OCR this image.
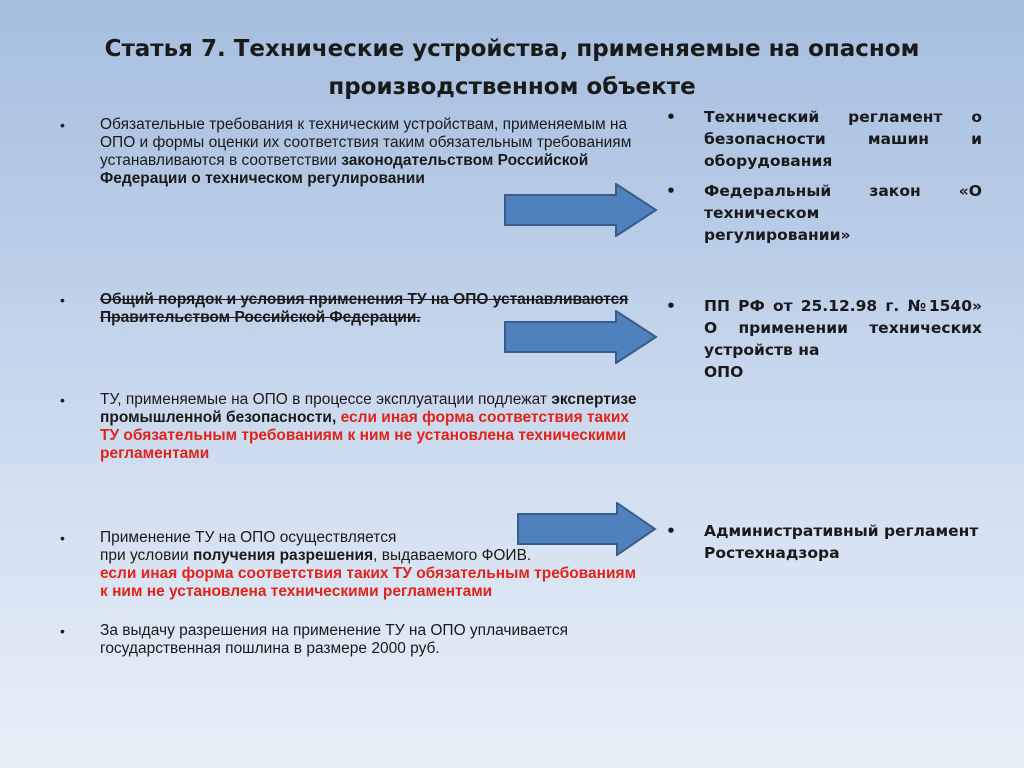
Статья 7. Технические устройства, применяемые на опасном производственном объекте
•	Обязательные требования к техническим устройствам, применяемым на ОПО и формы оценки их соответствия таким обязательным требованиям устанавливаются в соответствии законодательством Российской Федерации о техническом регулировании
•	Общий порядок и условия применения ТУ на ОПО устанавливаются Правительством Российской Федерации.
•	ТУ, применяемые на ОПО в процессе эксплуатации подлежат экспертизе промышленной безопасности, если иная форма соответствия таких ТУ обязательным требованиям к ним не установлена техническими регламентами
•	Применение ТУ на ОПО осуществляется
при условии получения разрешения, выдаваемого ФОИВ.
если иная форма соответствия таких ТУ обязательным требованиям к ним не установлена техническими регламентами
•	За выдачу разрешения на применение ТУ на ОПО уплачивается государственная пошлина в размере 2000 руб.
• Технический регламент о безопасности машин и оборудования
• Федеральный закон «О техническом
регулировании»
• ПП РФ от 25.12.98 г. №1540» О применении технических устройств на
ОПО
• Административный регламент Ростехнадзора
